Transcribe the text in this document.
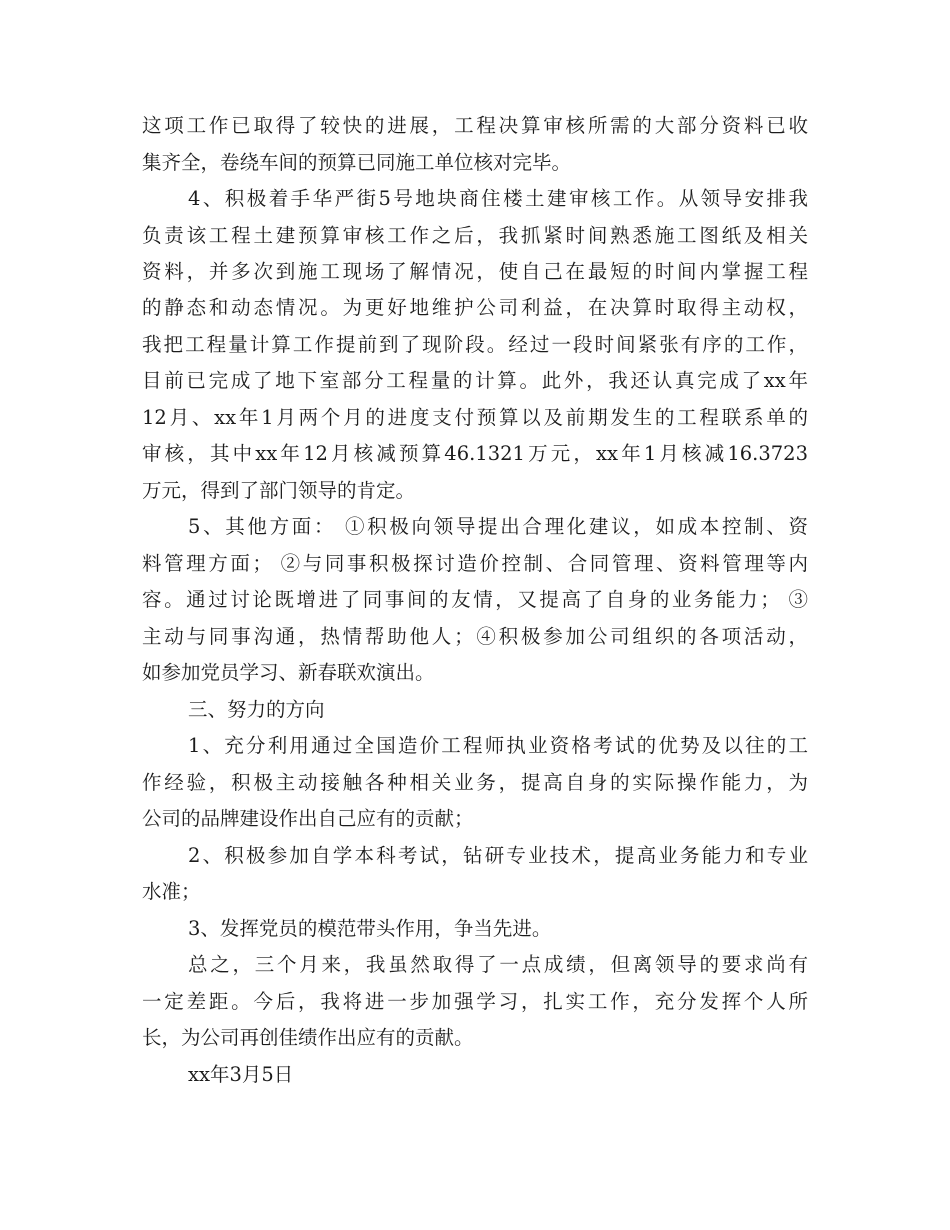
这项工作已取得了较快的进展，工程决算审核所需的大部分资料已收
集齐全，卷绕车间的预算已同施工单位核对完毕。
4、积极着手华严街5号地块商住楼土建审核工作。从领导安排我
负责该工程土建预算审核工作之后，我抓紧时间熟悉施工图纸及相关
资料，并多次到施工现场了解情况，使自己在最短的时间内掌握工程
的静态和动态情况。为更好地维护公司利益，在决算时取得主动权，
我把工程量计算工作提前到了现阶段。经过一段时间紧张有序的工作，
目前已完成了地下室部分工程量的计算。此外，我还认真完成了xx年
12月、xx年1月两个月的进度支付预算以及前期发生的工程联系单的
审核，其中xx年12月核减预算46.1321万元，xx年1月核减16.3723
万元，得到了部门领导的肯定。
5、其他方面： ①积极向领导提出合理化建议，如成本控制、资
料管理方面； ②与同事积极探讨造价控制、合同管理、资料管理等内
容。通过讨论既增进了同事间的友情，又提高了自身的业务能力； ③
主动与同事沟通，热情帮助他人；④积极参加公司组织的各项活动，
如参加党员学习、新春联欢演出。
三、努力的方向
1、充分利用通过全国造价工程师执业资格考试的优势及以往的工
作经验，积极主动接触各种相关业务，提高自身的实际操作能力，为
公司的品牌建设作出自己应有的贡献；
2、积极参加自学本科考试，钻研专业技术，提高业务能力和专业
水准；
3、发挥党员的模范带头作用，争当先进。
总之，三个月来，我虽然取得了一点成绩，但离领导的要求尚有
一定差距。今后，我将进一步加强学习，扎实工作，充分发挥个人所
长，为公司再创佳绩作出应有的贡献。
xx年3月5日
